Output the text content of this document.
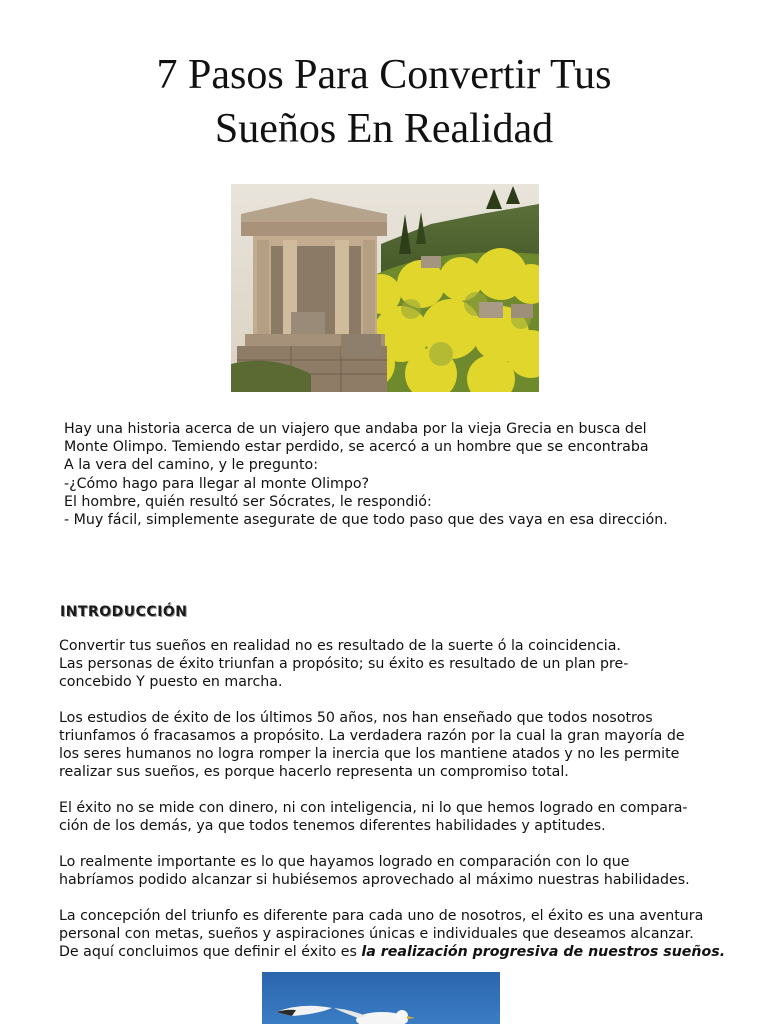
7 Pasos Para Convertir Tus
Sueños En Realidad
Hay una historia acerca de un viajero que andaba por la vieja Grecia en busca del
Monte Olimpo. Temiendo estar perdido, se acercó a un hombre que se encontraba
A la vera del camino, y le pregunto:
-¿Cómo hago para llegar al monte Olimpo?
El hombre, quién resultó ser Sócrates, le respondió:
- Muy fácil, simplemente asegurate de que todo paso que des vaya en esa dirección.
INTRODUCCIÓN
Convertir tus sueños en realidad no es resultado de la suerte ó la coincidencia.
Las personas de éxito triunfan a propósito; su éxito es resultado de un plan pre-
concebido Y puesto en marcha.
Los estudios de éxito de los últimos 50 años, nos han enseñado que todos nosotros
triunfamos ó fracasamos a propósito. La verdadera razón por la cual la gran mayoría de
los seres humanos no logra romper la inercia que los mantiene atados y no les permite
realizar sus sueños, es porque hacerlo representa un compromiso total.
El éxito no se mide con dinero, ni con inteligencia, ni lo que hemos logrado en compara-
ción de los demás, ya que todos tenemos diferentes habilidades y aptitudes.
Lo realmente importante es lo que hayamos logrado en comparación con lo que
habríamos podido alcanzar si hubiésemos aprovechado al máximo nuestras habilidades.
La concepción del triunfo es diferente para cada uno de nosotros, el éxito es una aventura
personal con metas, sueños y aspiraciones únicas e individuales que deseamos alcanzar.
De aquí concluimos que definir el éxito es la realización progresiva de nuestros sueños.
